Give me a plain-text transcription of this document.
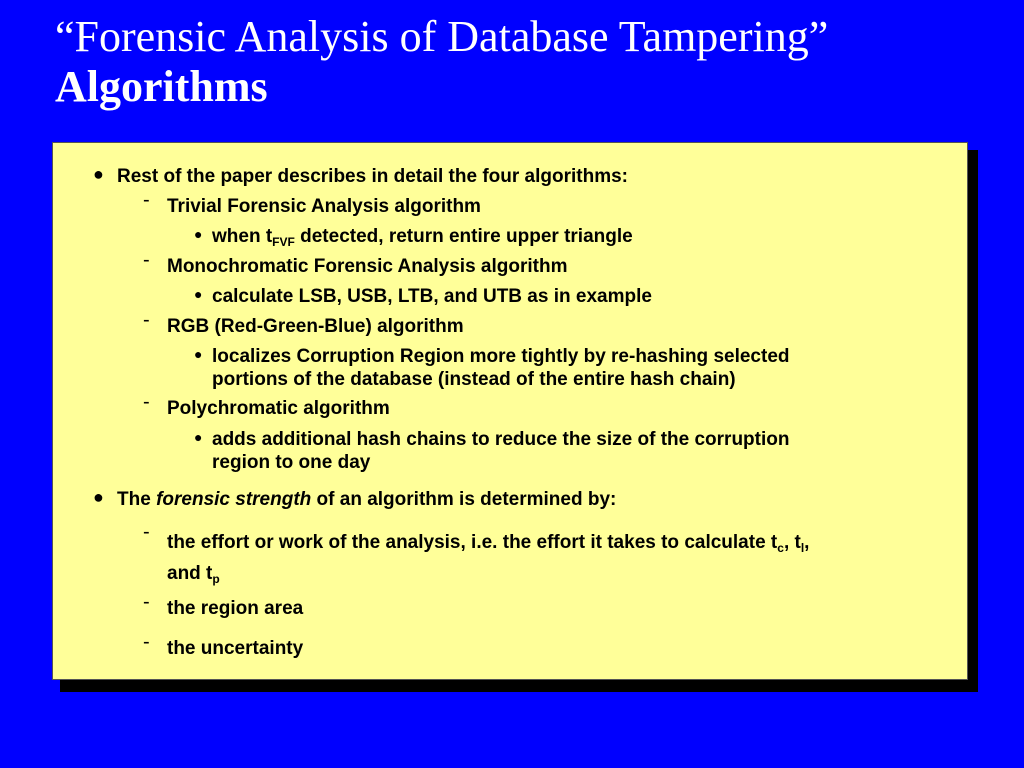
“Forensic Analysis of Database Tampering”
Algorithms
● Rest of the paper describes in detail the four algorithms:
- Trivial Forensic Analysis algorithm
● when $t_{FVF}$ detected, return entire upper triangle
- Monochromatic Forensic Analysis algorithm
● calculate LSB, USB, LTB, and UTB as in example
- RGB (Red-Green-Blue) algorithm
● localizes Corruption Region more tightly by re-hashing selected
portions of the database (instead of the entire hash chain)
- Polychromatic algorithm
● adds additional hash chains to reduce the size of the corruption
region to one day
● The forensic strength of an algorithm is determined by:
- the effort or work of the analysis, i.e. the effort it takes to calculate $t_c$, $t_l$,
and $t_p$
- the region area
- the uncertainty
